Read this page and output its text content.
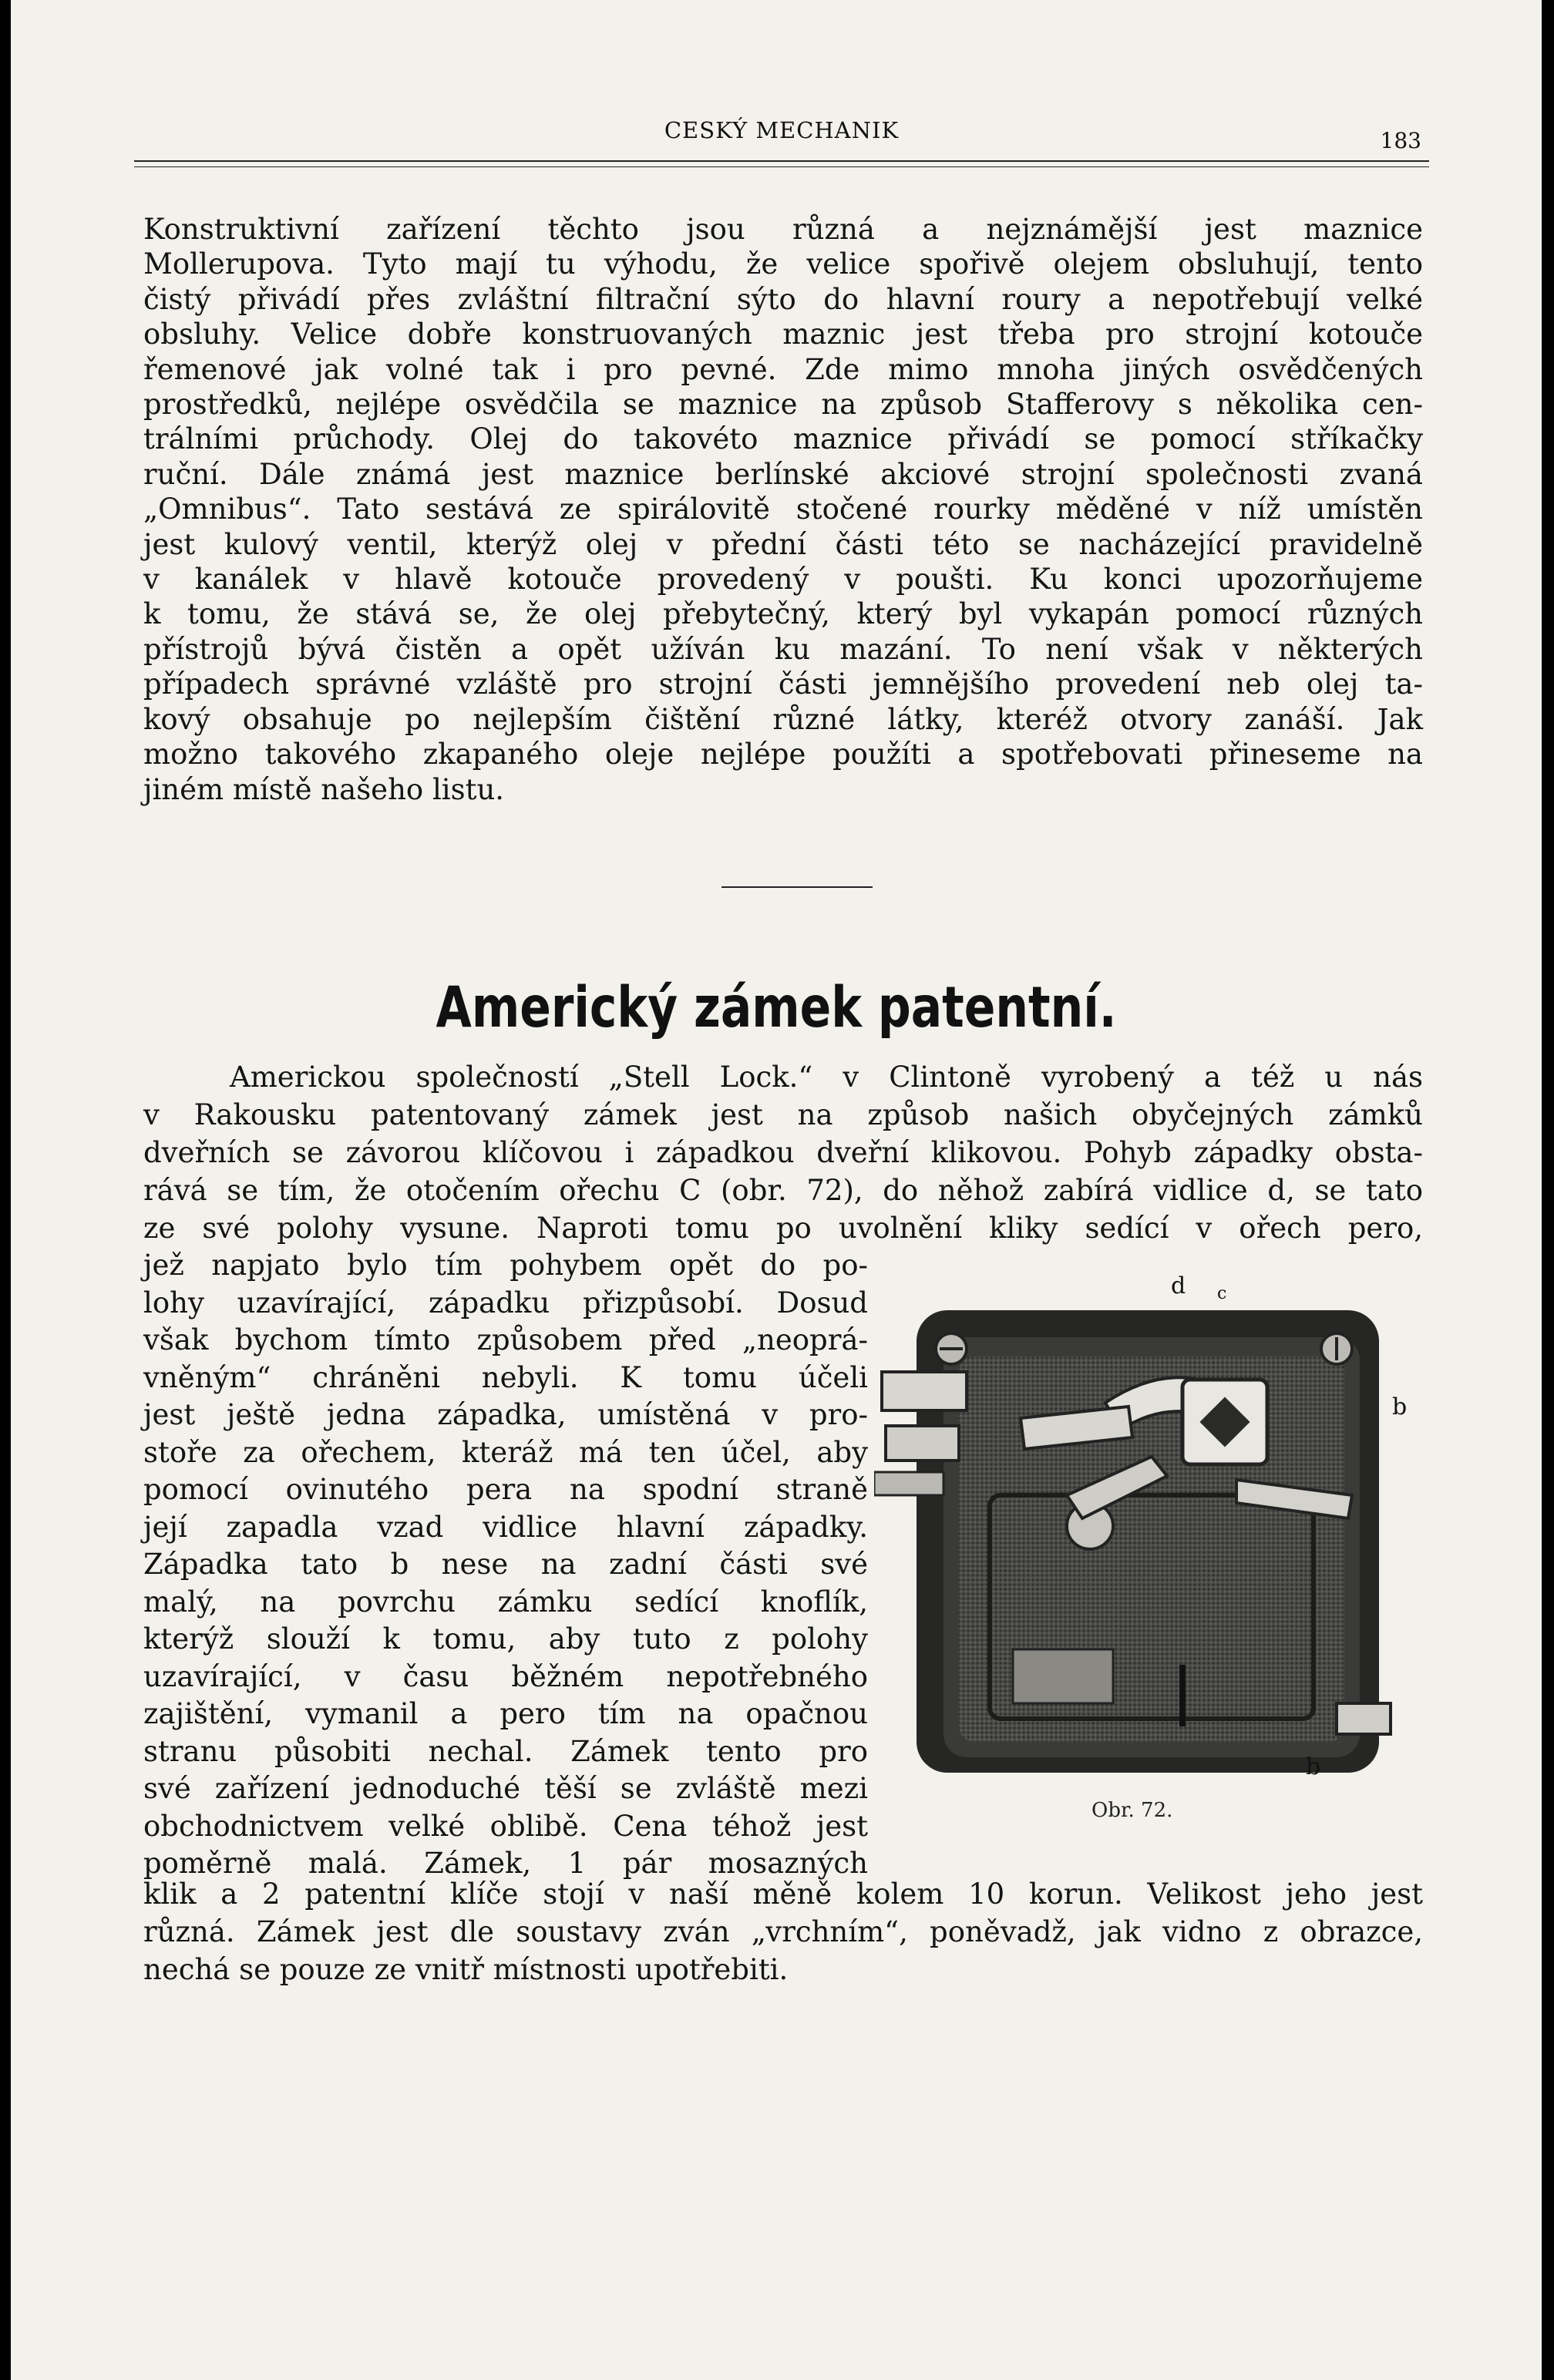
CESKÝ MECHANIK	183
Konstruktivní zařízení těchto jsou různá a nejznámější jest maznice
Mollerupova. Tyto mají tu výhodu, že velice spořivě olejem obsluhují, tento
čistý přivádí přes zvláštní filtrační sýto do hlavní roury a nepotřebují velké
obsluhy. Velice dobře konstruovaných maznic jest třeba pro strojní kotouče
řemenové jak volné tak i pro pevné. Zde mimo mnoha jiných osvědčených
prostředků, nejlépe osvědčila se maznice na způsob Stafferovy s několika cen-
trálními průchody. Olej do takovéto maznice přivádí se pomocí stříkačky
ruční. Dále známá jest maznice berlínské akciové strojní společnosti zvaná
„Omnibus“. Tato sestává ze spirálovitě stočené rourky měděné v níž umístěn
jest kulový ventil, kterýž olej v přední části této se nacházející pravidelně
v kanálek v hlavě kotouče provedený v poušti. Ku konci upozorňujeme
k tomu, že stává se, že olej přebytečný, který byl vykapán pomocí různých
přístrojů bývá čistěn a opět užíván ku mazání. To není však v některých
případech správné vzláště pro strojní části jemnějšího provedení neb olej ta-
kový obsahuje po nejlepším čištění různé látky, kteréž otvory zanáší. Jak
možno takového zkapaného oleje nejlépe použíti a spotřebovati přineseme na
jiném místě našeho listu.
Americký zámek patentní.
Americkou společností „Stell Lock.“ v Clintoně vyrobený a též u nás
v Rakousku patentovaný zámek jest na způsob našich obyčejných zámků
dveřních se závorou klíčovou i západkou dveřní klikovou. Pohyb západky obsta-
rává se tím, že otočením ořechu C (obr. 72), do něhož zabírá vidlice d, se tato
ze své polohy vysune. Naproti tomu po uvolnění kliky sedící v ořech pero,
jež napjato bylo tím pohybem opět do po-
lohy uzavírající, západku přizpůsobí. Dosud
však bychom tímto způsobem před „neoprá-
vněným“ chráněni nebyli. K tomu účeli
jest ještě jedna západka, umístěná v pro-
stoře za ořechem, kteráž má ten účel, aby
pomocí ovinutého pera na spodní straně
její zapadla vzad vidlice hlavní západky.
Západka tato b nese na zadní části své
malý, na povrchu zámku sedící knoflík,
kterýž slouží k tomu, aby tuto z polohy
uzavírající, v času běžném nepotřebného
zajištění, vymanil a pero tím na opačnou
stranu působiti nechal. Zámek tento pro
své zařízení jednoduché těší se zvláště mezi
obchodnictvem velké oblibě. Cena téhož jest
poměrně malá. Zámek, 1 pár mosazných
klik a 2 patentní klíče stojí v naší měně kolem 10 korun. Velikost jeho jest
různá. Zámek jest dle soustavy zván „vrchním“, poněvadž, jak vidno z obrazce,
nechá se pouze ze vnitř místnosti upotřebiti.
d c
b
b
Obr. 72.
